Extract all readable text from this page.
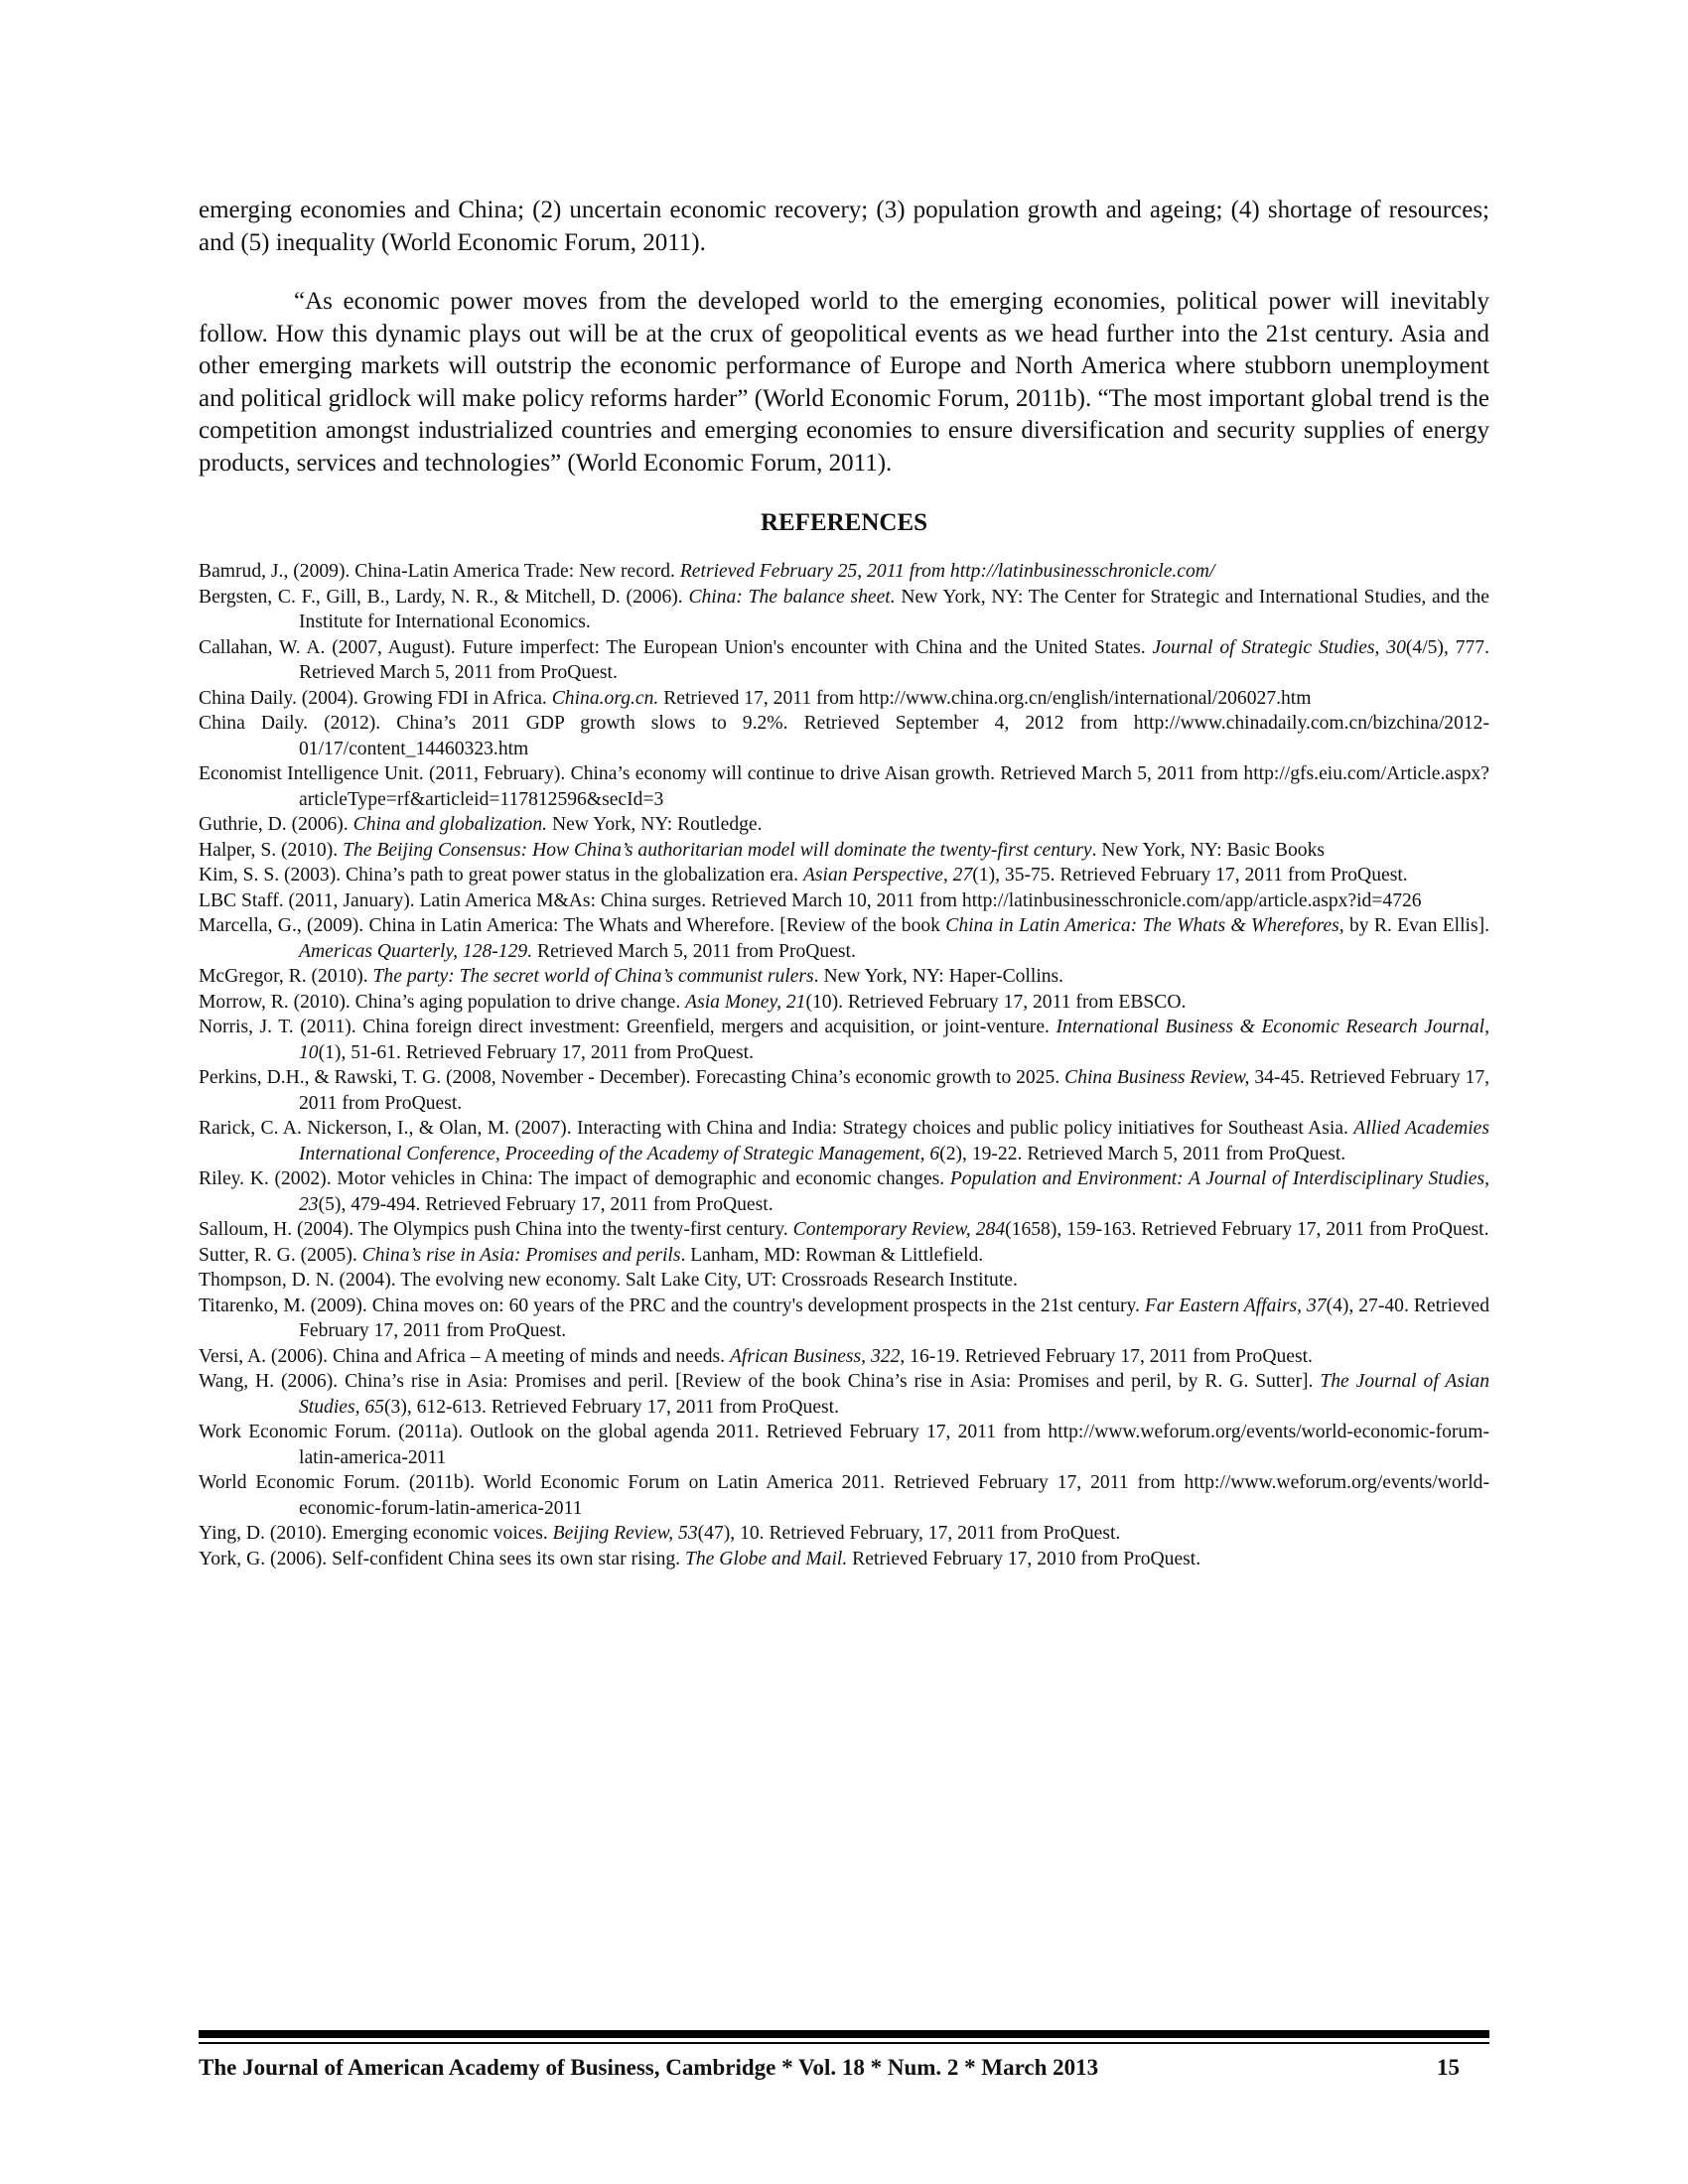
emerging economies and China; (2) uncertain economic recovery; (3) population growth and ageing; (4) shortage of resources; and (5) inequality (World Economic Forum, 2011).

“As economic power moves from the developed world to the emerging economies, political power will inevitably follow. How this dynamic plays out will be at the crux of geopolitical events as we head further into the 21st century. Asia and other emerging markets will outstrip the economic performance of Europe and North America where stubborn unemployment and political gridlock will make policy reforms harder” (World Economic Forum, 2011b). “The most important global trend is the competition amongst industrialized countries and emerging economies to ensure diversification and security supplies of energy products, services and technologies” (World Economic Forum, 2011).

REFERENCES

Bamrud, J., (2009). China-Latin America Trade: New record. Retrieved February 25, 2011 from http://latinbusinesschronicle.com/

Bergsten, C. F., Gill, B., Lardy, N. R., & Mitchell, D. (2006). China: The balance sheet. New York, NY: The Center for Strategic and International Studies, and the Institute for International Economics.

Callahan, W. A. (2007, August). Future imperfect: The European Union's encounter with China and the United States. Journal of Strategic Studies, 30(4/5), 777. Retrieved March 5, 2011 from ProQuest.

China Daily. (2004). Growing FDI in Africa. China.org.cn. Retrieved 17, 2011 from http://www.china.org.cn/english/international/206027.htm

China Daily. (2012). China’s 2011 GDP growth slows to 9.2%. Retrieved September 4, 2012 from http://www.chinadaily.com.cn/bizchina/2012-01/17/content_14460323.htm

Economist Intelligence Unit. (2011, February). China’s economy will continue to drive Aisan growth. Retrieved March 5, 2011 from http://gfs.eiu.com/Article.aspx?articleType=rf&articleid=117812596&secId=3

Guthrie, D. (2006). China and globalization. New York, NY: Routledge.

Halper, S. (2010). The Beijing Consensus: How China’s authoritarian model will dominate the twenty-first century. New York, NY: Basic Books

Kim, S. S. (2003). China’s path to great power status in the globalization era. Asian Perspective, 27(1), 35-75. Retrieved February 17, 2011 from ProQuest.

LBC Staff. (2011, January). Latin America M&As: China surges. Retrieved March 10, 2011 from http://latinbusinesschronicle.com/app/article.aspx?id=4726

Marcella, G., (2009). China in Latin America: The Whats and Wherefore. [Review of the book China in Latin America: The Whats & Wherefores, by R. Evan Ellis]. Americas Quarterly, 128-129. Retrieved March 5, 2011 from ProQuest.

McGregor, R. (2010). The party: The secret world of China’s communist rulers. New York, NY: Haper-Collins.

Morrow, R. (2010). China’s aging population to drive change. Asia Money, 21(10). Retrieved February 17, 2011 from EBSCO.

Norris, J. T. (2011). China foreign direct investment: Greenfield, mergers and acquisition, or joint-venture. International Business & Economic Research Journal, 10(1), 51-61. Retrieved February 17, 2011 from ProQuest.

Perkins, D.H., & Rawski, T. G. (2008, November - December). Forecasting China’s economic growth to 2025. China Business Review, 34-45. Retrieved February 17, 2011 from ProQuest.

Rarick, C. A. Nickerson, I., & Olan, M. (2007). Interacting with China and India: Strategy choices and public policy initiatives for Southeast Asia. Allied Academies International Conference, Proceeding of the Academy of Strategic Management, 6(2), 19-22. Retrieved March 5, 2011 from ProQuest.

Riley. K. (2002). Motor vehicles in China: The impact of demographic and economic changes. Population and Environment: A Journal of Interdisciplinary Studies, 23(5), 479-494. Retrieved February 17, 2011 from ProQuest.

Salloum, H. (2004). The Olympics push China into the twenty-first century. Contemporary Review, 284(1658), 159-163. Retrieved February 17, 2011 from ProQuest.

Sutter, R. G. (2005). China’s rise in Asia: Promises and perils. Lanham, MD: Rowman & Littlefield.

Thompson, D. N. (2004). The evolving new economy. Salt Lake City, UT: Crossroads Research Institute.

Titarenko, M. (2009). China moves on: 60 years of the PRC and the country's development prospects in the 21st century. Far Eastern Affairs, 37(4), 27-40. Retrieved February 17, 2011 from ProQuest.

Versi, A. (2006). China and Africa – A meeting of minds and needs. African Business, 322, 16-19. Retrieved February 17, 2011 from ProQuest.

Wang, H. (2006). China’s rise in Asia: Promises and peril. [Review of the book China’s rise in Asia: Promises and peril, by R. G. Sutter]. The Journal of Asian Studies, 65(3), 612-613. Retrieved February 17, 2011 from ProQuest.

Work Economic Forum. (2011a). Outlook on the global agenda 2011. Retrieved February 17, 2011 from http://www.weforum.org/events/world-economic-forum-latin-america-2011

World Economic Forum. (2011b). World Economic Forum on Latin America 2011. Retrieved February 17, 2011 from http://www.weforum.org/events/world-economic-forum-latin-america-2011

Ying, D. (2010). Emerging economic voices. Beijing Review, 53(47), 10. Retrieved February, 17, 2011 from ProQuest.

York, G. (2006). Self-confident China sees its own star rising. The Globe and Mail. Retrieved February 17, 2010 from ProQuest.

The Journal of American Academy of Business, Cambridge * Vol. 18 * Num. 2 * March 2013	15
